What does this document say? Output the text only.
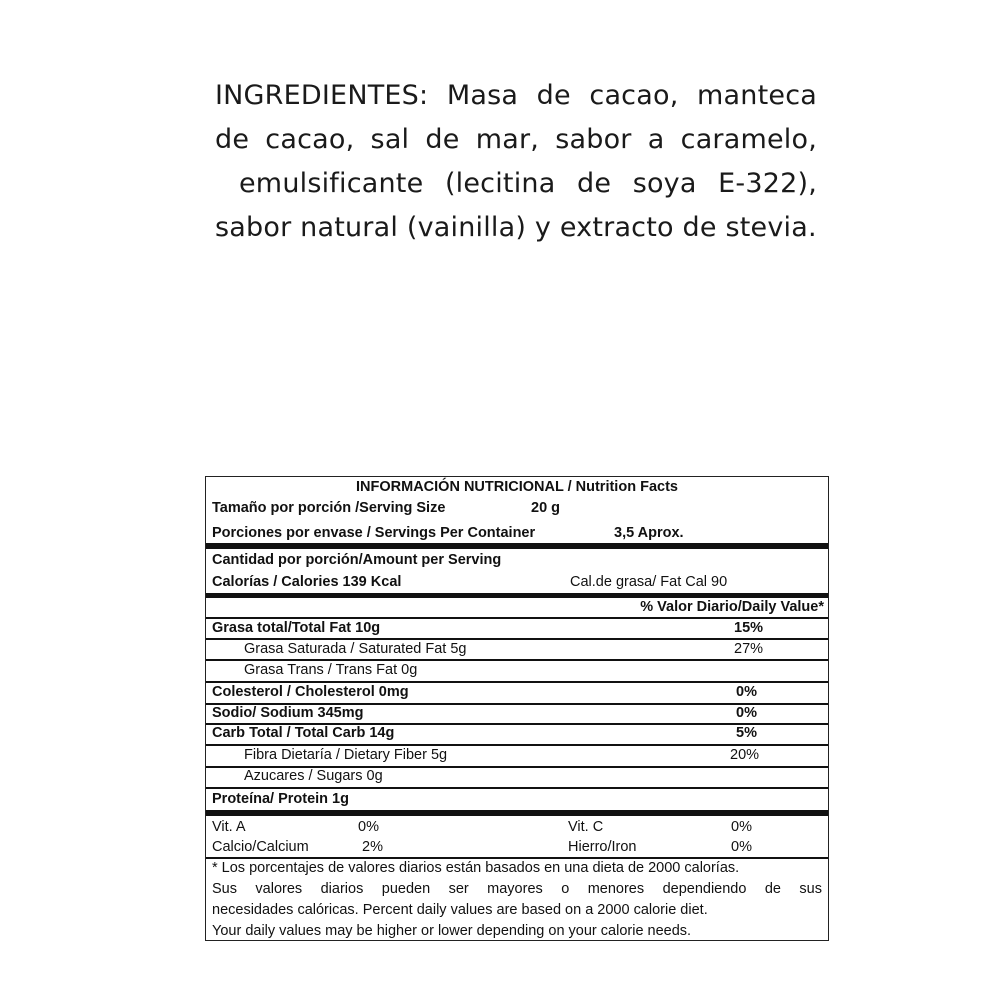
INGREDIENTES: Masa de cacao, manteca
de cacao, sal de mar, sabor a caramelo,
emulsificante (lecitina de soya E-322),
sabor natural (vainilla) y extracto de stevia.
INFORMACIÓN NUTRICIONAL / Nutrition Facts
Tamaño por porción /Serving Size	20 g
Porciones por envase / Servings Per Container	3,5 Aprox.
Cantidad por porción/Amount per Serving
Calorías / Calories 139 Kcal	Cal.de grasa/ Fat Cal 90
% Valor Diario/Daily Value*
Grasa total/Total Fat 10g	15%
Grasa Saturada / Saturated Fat 5g	27%
Grasa Trans / Trans Fat 0g
Colesterol / Cholesterol 0mg	0%
Sodio/ Sodium 345mg	0%
Carb Total / Total Carb 14g	5%
Fibra Dietaría / Dietary Fiber 5g	20%
Azucares / Sugars 0g
Proteína/ Protein 1g
Vit. A	0%	Vit. C	0%
Calcio/Calcium	2%	Hierro/Iron	0%
* Los porcentajes de valores diarios están basados en una dieta de 2000 calorías.
Sus valores diarios pueden ser mayores o menores dependiendo de sus
necesidades calóricas. Percent daily values are based on a 2000 calorie diet.
Your daily values may be higher or lower depending on your calorie needs.
